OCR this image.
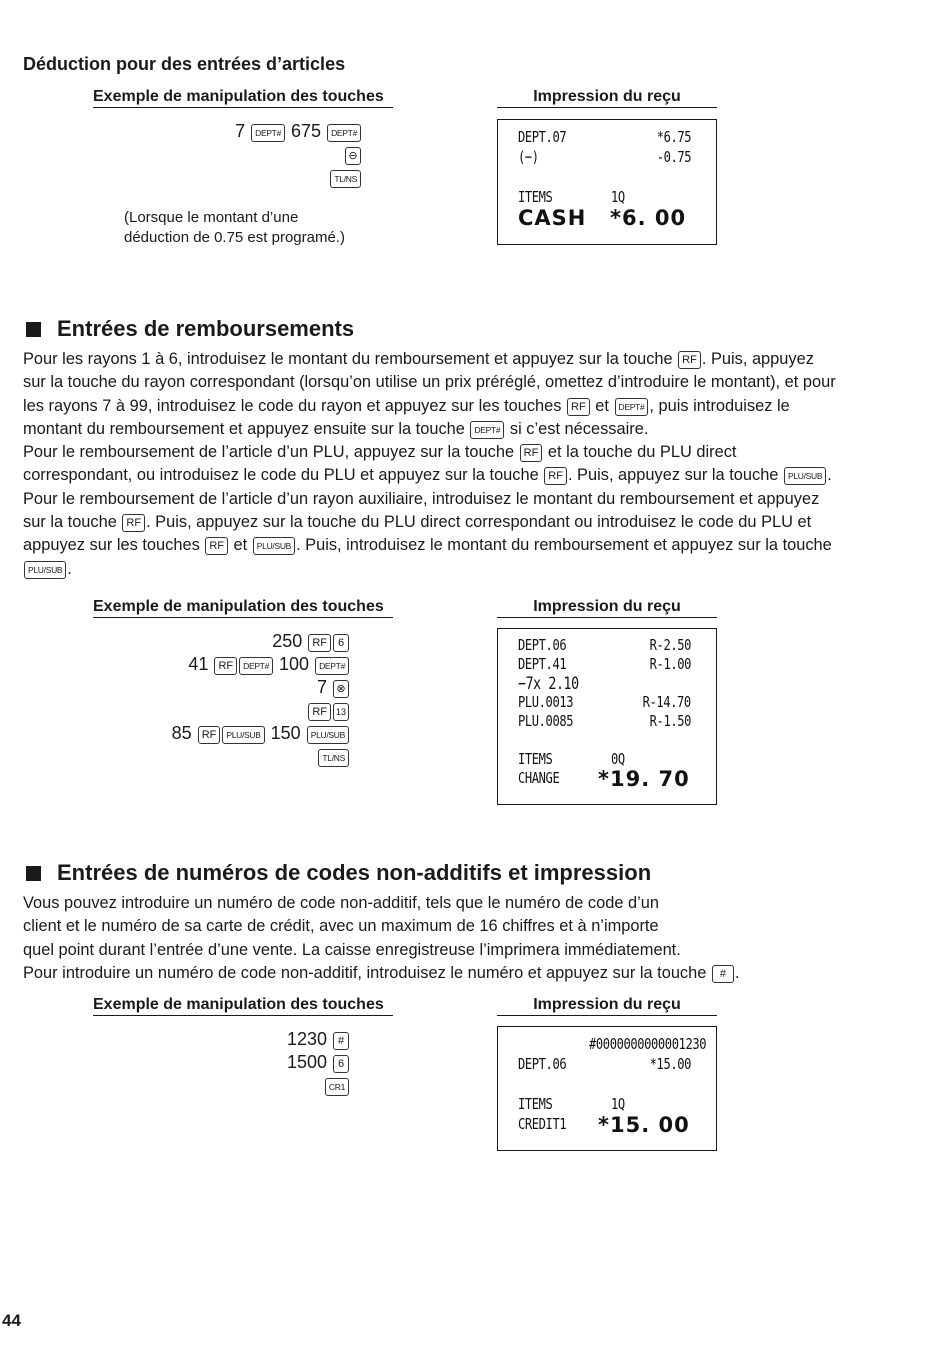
Déduction pour des entrées d’articles
Exemple de manipulation des touches	Impression du reçu
7 DEPT# 675 DEPT#
⊖
TL/NS
(Lorsque le montant d’une
déduction de 0.75 est programé.)
DEPT.07	*6.75
(−)	-0.75
ITEMS	1Q
CASH *6. 00
Entrées de remboursements

Pour les rayons 1 à 6, introduisez le montant du remboursement et appuyez sur la touche RF . Puis, appuyez

sur la touche du rayon correspondant (lorsqu’on utilise un prix préréglé, omettez d’introduire le montant), et pour

les rayons 7 à 99, introduisez le code du rayon et appuyez sur les touches RF et DEPT# , puis introduisez le

montant du remboursement et appuyez ensuite sur la touche DEPT# si c’est nécessaire.

Pour le remboursement de l’article d’un PLU, appuyez sur la touche RF et la touche du PLU direct

correspondant, ou introduisez le code du PLU et appuyez sur la touche RF . Puis, appuyez sur la touche PLU/SUB .

Pour le remboursement de l’article d’un rayon auxiliaire, introduisez le montant du remboursement et appuyez

sur la touche RF . Puis, appuyez sur la touche du PLU direct correspondant ou introduisez le code du PLU et

appuyez sur les touches RF et PLU/SUB . Puis, introduisez le montant du remboursement et appuyez sur la touche

PLU/SUB .

Exemple de manipulation des touches	Impression du reçu
250 RF 6
41 RF DEPT# 100 DEPT#
7 ⊗
RF 13
85 RF PLU/SUB 150 PLU/SUB
TL/NS
DEPT.06	R-2.50
DEPT.41	R-1.00
−7x 2.10
PLU.0013	R-14.70
PLU.0085	R-1.50
ITEMS	0Q
CHANGE *19. 70
Entrées de numéros de codes non-additifs et impression

Vous pouvez introduire un numéro de code non-additif, tels que le numéro de code d’un

client et le numéro de sa carte de crédit, avec un maximum de 16 chiffres et à n’importe

quel point durant l’entrée d’une vente. La caisse enregistreuse l’imprimera immédiatement.

Pour introduire un numéro de code non-additif, introduisez le numéro et appuyez sur la touche # .

Exemple de manipulation des touches	Impression du reçu
1230 #
1500 6
CR1
#0000000000001230
DEPT.06	*15.00
ITEMS	1Q
CREDIT1 *15. 00
44
